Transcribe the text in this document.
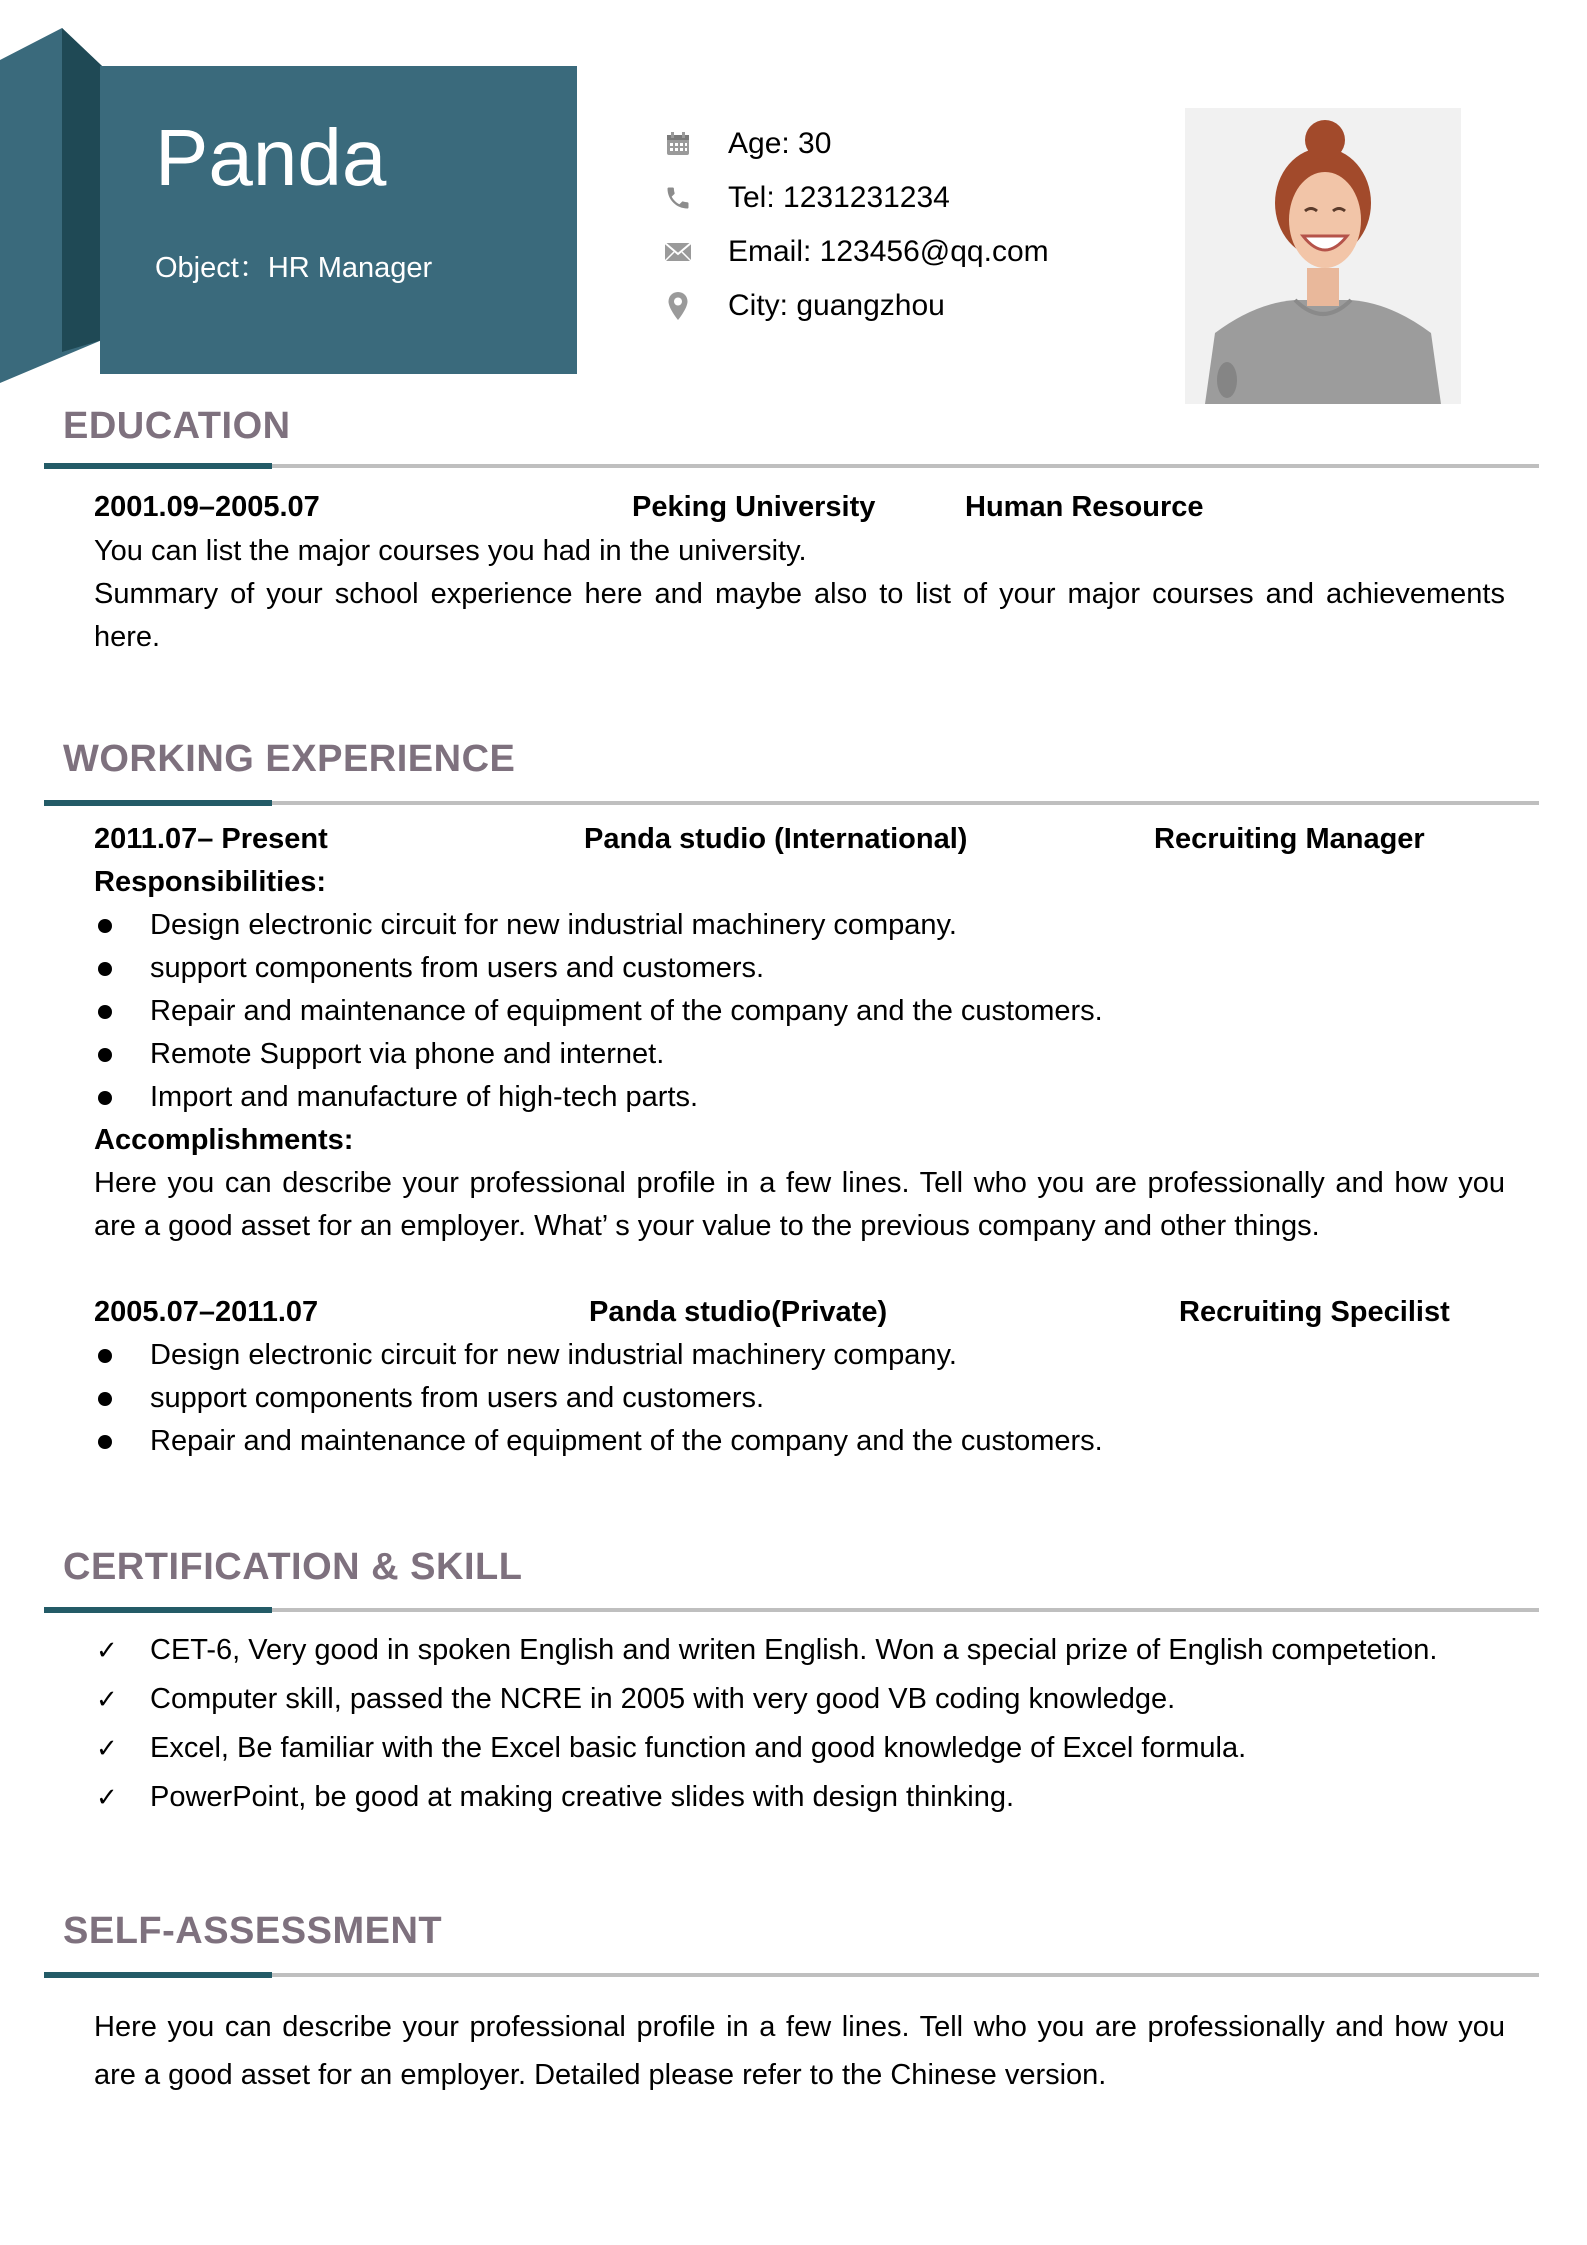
Panda
Object：HR Manager
Age: 30
Tel: 1231231234
Email: 123456@qq.com
City: guangzhou
EDUCATION
2001.09–2005.07	Peking University	Human Resource
You can list the major courses you had in the university.
Summary of your school experience here and maybe also to list of your major courses and achievements here.
WORKING EXPERIENCE
2011.07– Present	Panda studio (International)	Recruiting Manager
Responsibilities:
Design electronic circuit for new industrial machinery company.
support components from users and customers.
Repair and maintenance of equipment of the company and the customers.
Remote Support via phone and internet.
Import and manufacture of high-tech parts.
Accomplishments:
Here you can describe your professional profile in a few lines. Tell who you are professionally and how you are a good asset for an employer. What’ s your value to the previous company and other things.
2005.07–2011.07	Panda studio(Private)	Recruiting Specilist
Design electronic circuit for new industrial machinery company.
support components from users and customers.
Repair and maintenance of equipment of the company and the customers.
CERTIFICATION & SKILL
✓ CET-6, Very good in spoken English and writen English. Won a special prize of English competetion.
✓ Computer skill, passed the NCRE in 2005 with very good VB coding knowledge.
✓ Excel, Be familiar with the Excel basic function and good knowledge of Excel formula.
✓ PowerPoint, be good at making creative slides with design thinking.
SELF-ASSESSMENT
Here you can describe your professional profile in a few lines. Tell who you are professionally and how you are a good asset for an employer. Detailed please refer to the Chinese version.
